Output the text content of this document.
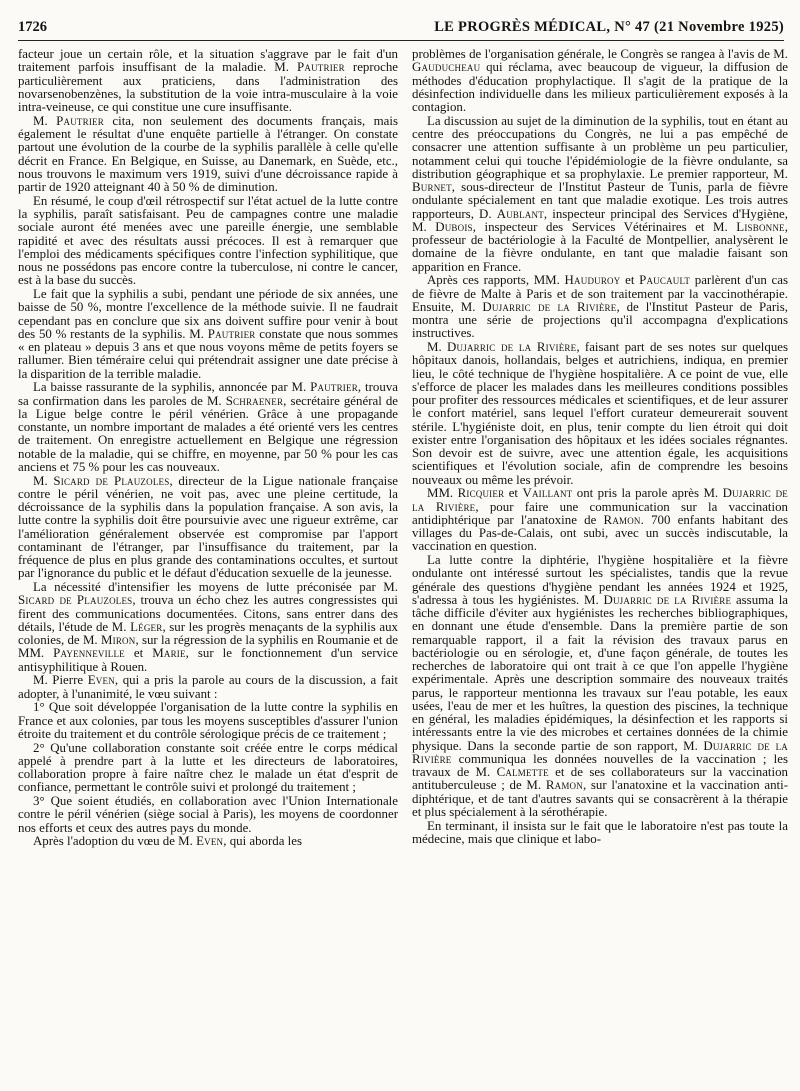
1726	LE PROGRÈS MÉDICAL, N° 47 (21 Novembre 1925)

facteur joue un certain rôle, et la situation s'aggrave par le fait d'un traitement parfois insuffisant de la maladie. M. Pautrier reproche particulièrement aux praticiens, dans l'administration des novarsenobenzènes, la substitution de la voie intra-musculaire à la voie intra-veineuse, ce qui constitue une cure insuffisante.

M. Pautrier cita, non seulement des documents français, mais également le résultat d'une enquête partielle à l'étranger. On constate partout une évolution de la courbe de la syphilis parallèle à celle qu'elle décrit en France. En Belgique, en Suisse, au Danemark, en Suède, etc., nous trouvons le maximum vers 1919, suivi d'une décroissance rapide à partir de 1920 atteignant 40 à 50 % de diminution.

En résumé, le coup d'œil rétrospectif sur l'état actuel de la lutte contre la syphilis, paraît satisfaisant. Peu de campagnes contre une maladie sociale auront été menées avec une pareille énergie, une semblable rapidité et avec des résultats aussi précoces. Il est à remarquer que l'emploi des médicaments spécifiques contre l'infection syphilitique, que nous ne possédons pas encore contre la tuberculose, ni contre le cancer, est à la base du succès.

Le fait que la syphilis a subi, pendant une période de six années, une baisse de 50 %, montre l'excellence de la méthode suivie. Il ne faudrait cependant pas en conclure que six ans doivent suffire pour venir à bout des 50 % restants de la syphilis. M. Pautrier constate que nous sommes « en plateau » depuis 3 ans et que nous voyons même de petits foyers se rallumer. Bien téméraire celui qui prétendrait assigner une date précise à la disparition de la terrible maladie.

La baisse rassurante de la syphilis, annoncée par M. Pautrier, trouva sa confirmation dans les paroles de M. Schraener, secrétaire général de la Ligue belge contre le péril vénérien. Grâce à une propagande constante, un nombre important de malades a été orienté vers les centres de traitement. On enregistre actuellement en Belgique une régression notable de la maladie, qui se chiffre, en moyenne, par 50 % pour les cas anciens et 75 % pour les cas nouveaux.

M. Sicard de Plauzoles, directeur de la Ligue nationale française contre le péril vénérien, ne voit pas, avec une pleine certitude, la décroissance de la syphilis dans la population française. A son avis, la lutte contre la syphilis doit être poursuivie avec une rigueur extrême, car l'amélioration généralement observée est compromise par l'apport contaminant de l'étranger, par l'insuffisance du traitement, par la fréquence de plus en plus grande des contaminations occultes, et surtout par l'ignorance du public et le défaut d'éducation sexuelle de la jeunesse.

La nécessité d'intensifier les moyens de lutte préconisée par M. Sicard de Plauzoles, trouva un écho chez les autres congressistes qui firent des communications documentées. Citons, sans entrer dans des détails, l'étude de M. Léger, sur les progrès menaçants de la syphilis aux colonies, de M. Miron, sur la régression de la syphilis en Roumanie et de MM. Payenneville et Marie, sur le fonctionnement d'un service antisyphilitique à Rouen.

M. Pierre Even, qui a pris la parole au cours de la discussion, a fait adopter, à l'unanimité, le vœu suivant :

1° Que soit développée l'organisation de la lutte contre la syphilis en France et aux colonies, par tous les moyens susceptibles d'assurer l'union étroite du traitement et du contrôle sérologique précis de ce traitement ;

2° Qu'une collaboration constante soit créée entre le corps médical appelé à prendre part à la lutte et les directeurs de laboratoires, collaboration propre à faire naître chez le malade un état d'esprit de confiance, permettant le contrôle suivi et prolongé du traitement ;

3° Que soient étudiés, en collaboration avec l'Union Internationale contre le péril vénérien (siège social à Paris), les moyens de coordonner nos efforts et ceux des autres pays du monde.

Après l'adoption du vœu de M. Even, qui aborda les

problèmes de l'organisation générale, le Congrès se rangea à l'avis de M. Gauducheau qui réclama, avec beaucoup de vigueur, la diffusion de méthodes d'éducation prophylactique. Il s'agit de la pratique de la désinfection individuelle dans les milieux particulièrement exposés à la contagion.

La discussion au sujet de la diminution de la syphilis, tout en étant au centre des préoccupations du Congrès, ne lui a pas empêché de consacrer une attention suffisante à un problème un peu particulier, notamment celui qui touche l'épidémiologie de la fièvre ondulante, sa distribution géographique et sa prophylaxie. Le premier rapporteur, M. Burnet, sous-directeur de l'Institut Pasteur de Tunis, parla de fièvre ondulante spécialement en tant que maladie exotique. Les trois autres rapporteurs, D. Aublant, inspecteur principal des Services d'Hygiène, M. Dubois, inspecteur des Services Vétérinaires et M. Lisbonne, professeur de bactériologie à la Faculté de Montpellier, analysèrent le domaine de la fièvre ondulante, en tant que maladie faisant son apparition en France.

Après ces rapports, MM. Hauduroy et Paucault parlèrent d'un cas de fièvre de Malte à Paris et de son traitement par la vaccinothérapie. Ensuite, M. Dujarric de la Rivière, de l'Institut Pasteur de Paris, montra une série de projections qu'il accompagna d'explications instructives.

M. Dujarric de la Rivière, faisant part de ses notes sur quelques hôpitaux danois, hollandais, belges et autrichiens, indiqua, en premier lieu, le côté technique de l'hygiène hospitalière. A ce point de vue, elle s'efforce de placer les malades dans les meilleures conditions possibles pour profiter des ressources médicales et scientifiques, et de leur assurer le confort matériel, sans lequel l'effort curateur demeurerait souvent stérile. L'hygiéniste doit, en plus, tenir compte du lien étroit qui doit exister entre l'organisation des hôpitaux et les idées sociales régnantes. Son devoir est de suivre, avec une attention égale, les acquisitions scientifiques et l'évolution sociale, afin de comprendre les besoins nouveaux ou même les prévoir.

MM. Ricquier et Vaillant ont pris la parole après M. Dujarric de la Rivière, pour faire une communication sur la vaccination antidiphtérique par l'anatoxine de Ramon. 700 enfants habitant des villages du Pas-de-Calais, ont subi, avec un succès indiscutable, la vaccination en question.

La lutte contre la diphtérie, l'hygiène hospitalière et la fièvre ondulante ont intéressé surtout les spécialistes, tandis que la revue générale des questions d'hygiène pendant les années 1924 et 1925, s'adressa à tous les hygiénistes. M. Dujarric de la Rivière assuma la tâche difficile d'éviter aux hygiénistes les recherches bibliographiques, en donnant une étude d'ensemble. Dans la première partie de son remarquable rapport, il a fait la révision des travaux parus en bactériologie ou en sérologie, et, d'une façon générale, de toutes les recherches de laboratoire qui ont trait à ce que l'on appelle l'hygiène expérimentale. Après une description sommaire des nouveaux traités parus, le rapporteur mentionna les travaux sur l'eau potable, les eaux usées, l'eau de mer et les huîtres, la question des piscines, la technique en général, les maladies épidémiques, la désinfection et les rapports si intéressants entre la vie des microbes et certaines données de la chimie physique. Dans la seconde partie de son rapport, M. Dujarric de la Rivière communiqua les données nouvelles de la vaccination ; les travaux de M. Calmette et de ses collaborateurs sur la vaccination antituberculeuse ; de M. Ramon, sur l'anatoxine et la vaccination anti-diphtérique, et de tant d'autres savants qui se consacrèrent à la thérapie et plus spécialement à la sérothérapie.

En terminant, il insista sur le fait que le laboratoire n'est pas toute la médecine, mais que clinique et labo-
